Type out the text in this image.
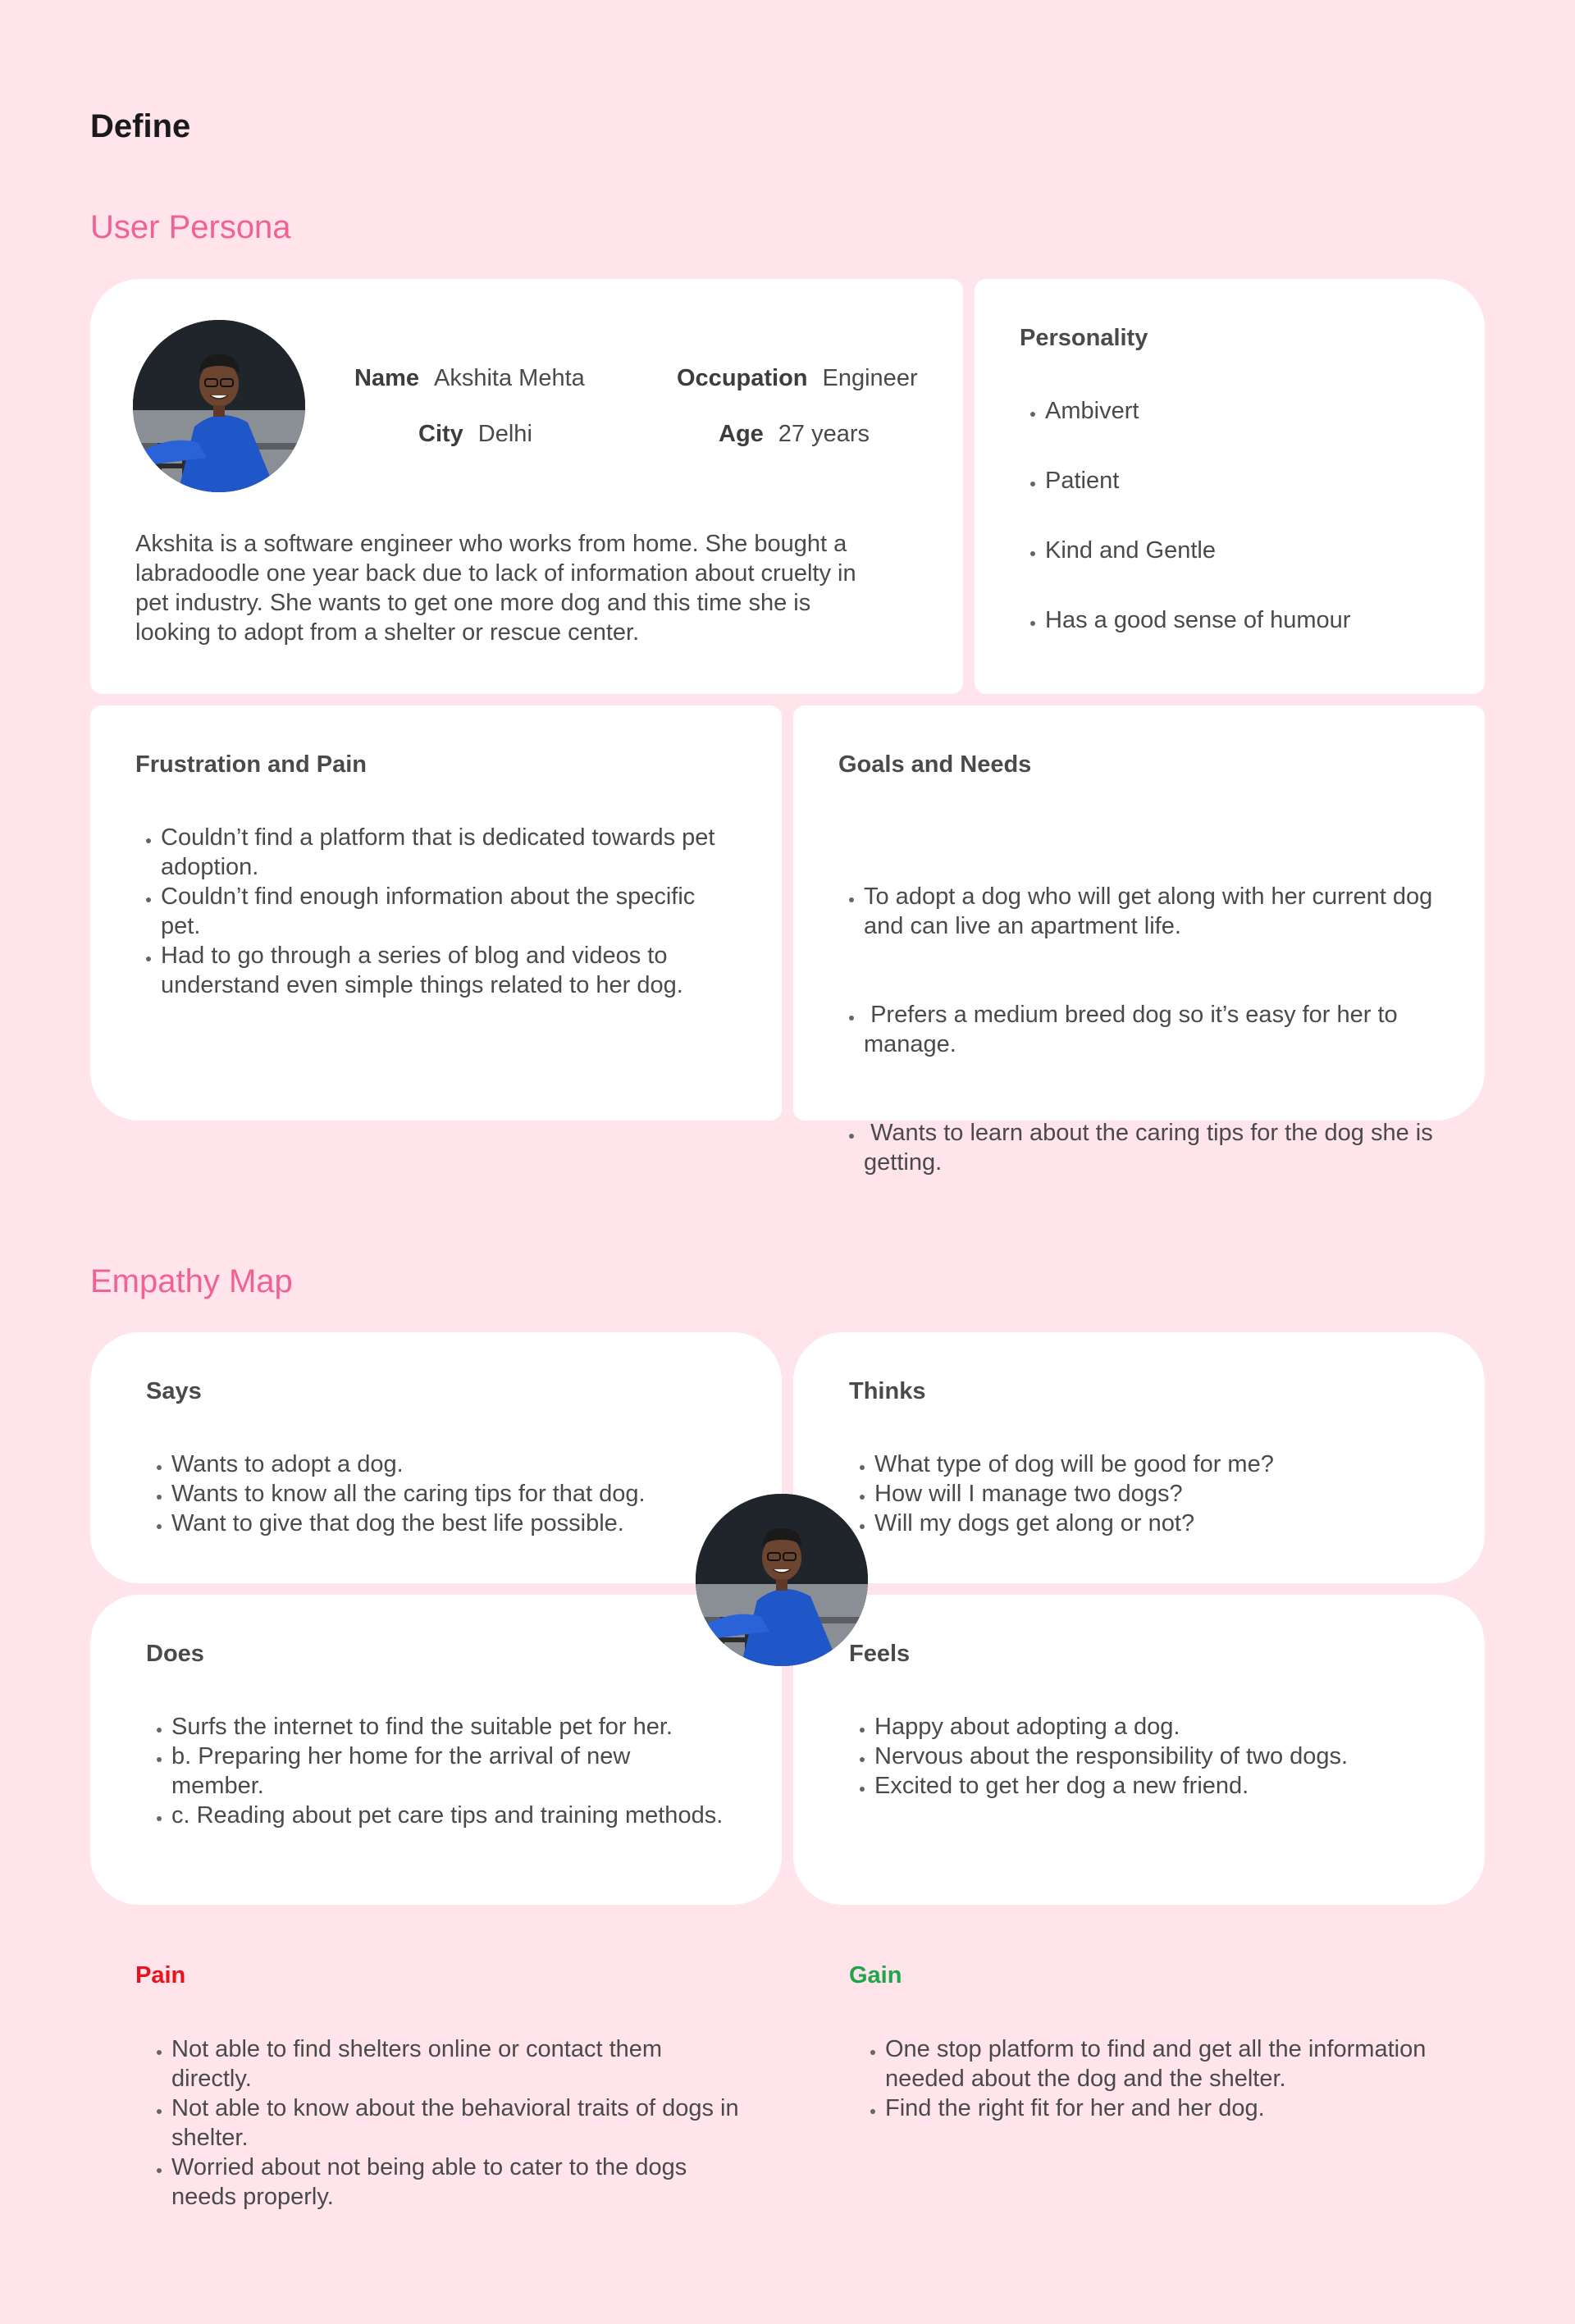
Define
User Persona
Name Akshita Mehta	Occupation Engineer
City Delhi	Age 27 years

Akshita is a software engineer who works from home. She bought a labradoodle one year back due to lack of information about cruelty in pet industry. She wants to get one more dog and this time she is looking to adopt from a shelter or rescue center.

Personality
• Ambivert
• Patient
• Kind and Gentle
• Has a good sense of humour
Frustration and Pain
• Couldn’t find a platform that is dedicated towards pet adoption.
• Couldn’t find enough information about the specific pet.
• Had to go through a series of blog and videos to understand even simple things related to her dog.
Goals and Needs

• To adopt a dog who will get along with her current dog and can live an apartment life.

•  Prefers a medium breed dog so it’s easy for her to manage.

•  Wants to learn about the caring tips for the dog she is getting.

Empathy Map
Says
• Wants to adopt a dog.
• Wants to know all the caring tips for that dog.
• Want to give that dog the best life possible.
Thinks
• What type of dog will be good for me?
• How will I manage two dogs?
• Will my dogs get along or not?
Does
• Surfs the internet to find the suitable pet for her.
• b. Preparing her home for the arrival of new member.
• c. Reading about pet care tips and training methods.
Feels
• Happy about adopting a dog.
• Nervous about the responsibility of two dogs.
• Excited to get her dog a new friend.
Pain
• Not able to find shelters online or contact them directly.
• Not able to know about the behavioral traits of dogs in shelter.
• Worried about not being able to cater to the dogs needs properly.
Gain
• One stop platform to find and get all the information needed about the dog and the shelter.
• Find the right fit for her and her dog.
